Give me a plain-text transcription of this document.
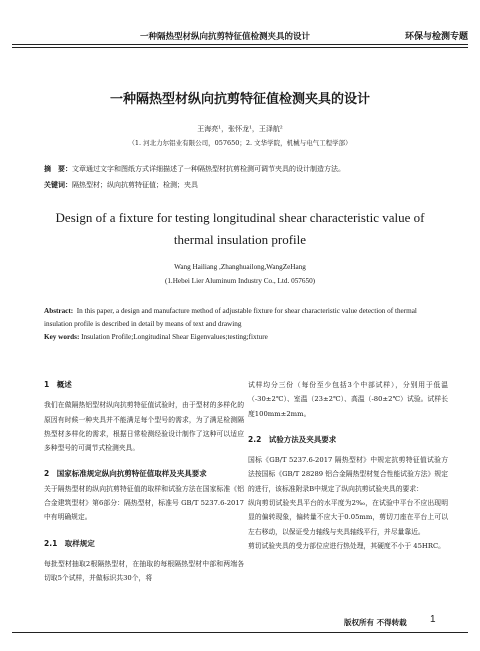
一种隔热型材纵向抗剪特征值检测夹具的设计	环保与检测专题
一种隔热型材纵向抗剪特征值检测夹具的设计
王海亮¹，张怀龙¹，王泽航²
（1. 河北力尔铝业有限公司，057650；2. 文华学院，机械与电气工程学部）
摘　要：文章通过文字和图纸方式详细描述了一种隔热型材抗剪检测可调节夹具的设计制造方法。
关键词：隔热型材；纵向抗剪特征值；检测；夹具
Design of a fixture for testing longitudinal shear characteristic value of thermal insulation profile
Wang Hailiang ,Zhanghuailong,WangZeHang
(1.Hebei Lier Aluminum Industry Co., Ltd. 057650)
Abstract: In this paper, a design and manufacture method of adjustable fixture for shear characteristic value detection of thermal insulation profile is described in detail by means of text and drawing
Key words: Insulation Profile;Longitudinal Shear Eigenvalues;testing;fixture

1　概述

我们在做隔热铝型材纵向抗剪特征值试验时，由于型材的多样化的原因有时候一种夹具并不能满足每个型号的需求，为了满足检测隔热型材多样化的需求，根据日常检测经验设计制作了这种可以适应多种型号的可调节式检测夹具。

2　国家标准规定纵向抗剪特征值取样及夹具要求

关于隔热型材的纵向抗剪特征值的取样和试验方法在国家标准《铝合金建筑型材》第6部分：隔热型材，标准号 GB/T 5237.6-2017 中有明确规定。

2.1　取样规定

每批型材抽取2根隔热型材，在抽取的每根隔热型材中部和两端各切取5个试样，并做标识共30个，将

试样均分三份（每份至少包括3个中部试样），分别用于低温（-30±2℃）、室温（23±2℃）、高温（-80±2℃）试验。试样长度100mm±2mm。

2.2　试验方法及夹具要求

国标《GB/T 5237.6-2017 隔热型材》中规定抗剪特征值试验方法按国标《GB/T 28289 铝合金隔热型材复合性能试验方法》规定的进行，该标准附录B中规定了纵向抗剪试验夹具的要求：

纵向剪切试验夹具平台的水平度为2‰，在试验中平台不应出现明显的偏转现象，偏转量不应大于0.05mm，剪切刀座在平台上可以左右移动，以保证受力轴线与夹具轴线平行，并尽量靠近。

剪切试验夹具的受力部位应进行热处理，其硬度不小于 45HRC。

版权所有 不得转载 1
